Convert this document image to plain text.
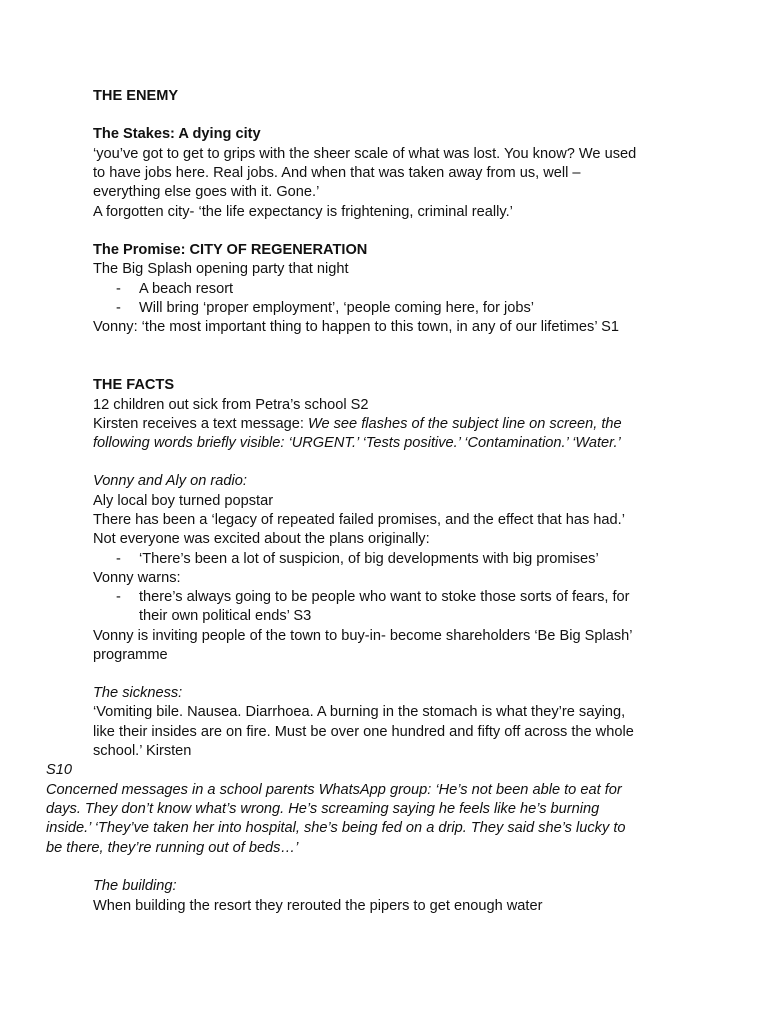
THE ENEMY
The Stakes: A dying city
‘you’ve got to get to grips with the sheer scale of what was lost. You know? We used
to have jobs here. Real jobs. And when that was taken away from us, well –
everything else goes with it. Gone.’
A forgotten city- ‘the life expectancy is frightening, criminal really.’
The Promise: CITY OF REGENERATION
The Big Splash opening party that night
- A beach resort
- Will bring ‘proper employment’, ‘people coming here, for jobs’
Vonny: ‘the most important thing to happen to this town, in any of our lifetimes’ S1
THE FACTS
12 children out sick from Petra’s school S2
Kirsten receives a text message: We see flashes of the subject line on screen, the
following words briefly visible: ‘URGENT.’ ‘Tests positive.’ ‘Contamination.’ ‘Water.’
Vonny and Aly on radio:
Aly local boy turned popstar
There has been a ‘legacy of repeated failed promises, and the effect that has had.’
Not everyone was excited about the plans originally:
- ‘There’s been a lot of suspicion, of big developments with big promises’
Vonny warns:
- there’s always going to be people who want to stoke those sorts of fears, for
their own political ends’ S3
Vonny is inviting people of the town to buy-in- become shareholders ‘Be Big Splash’
programme
The sickness:
‘Vomiting bile. Nausea. Diarrhoea. A burning in the stomach is what they’re saying,
like their insides are on fire. Must be over one hundred and fifty off across the whole
school.’ Kirsten
S10
Concerned messages in a school parents WhatsApp group: ‘He’s not been able to eat for
days. They don’t know what’s wrong. He’s screaming saying he feels like he’s burning
inside.’ ‘They’ve taken her into hospital, she’s being fed on a drip. They said she’s lucky to
be there, they’re running out of beds…’
The building:
When building the resort they rerouted the pipers to get enough water
